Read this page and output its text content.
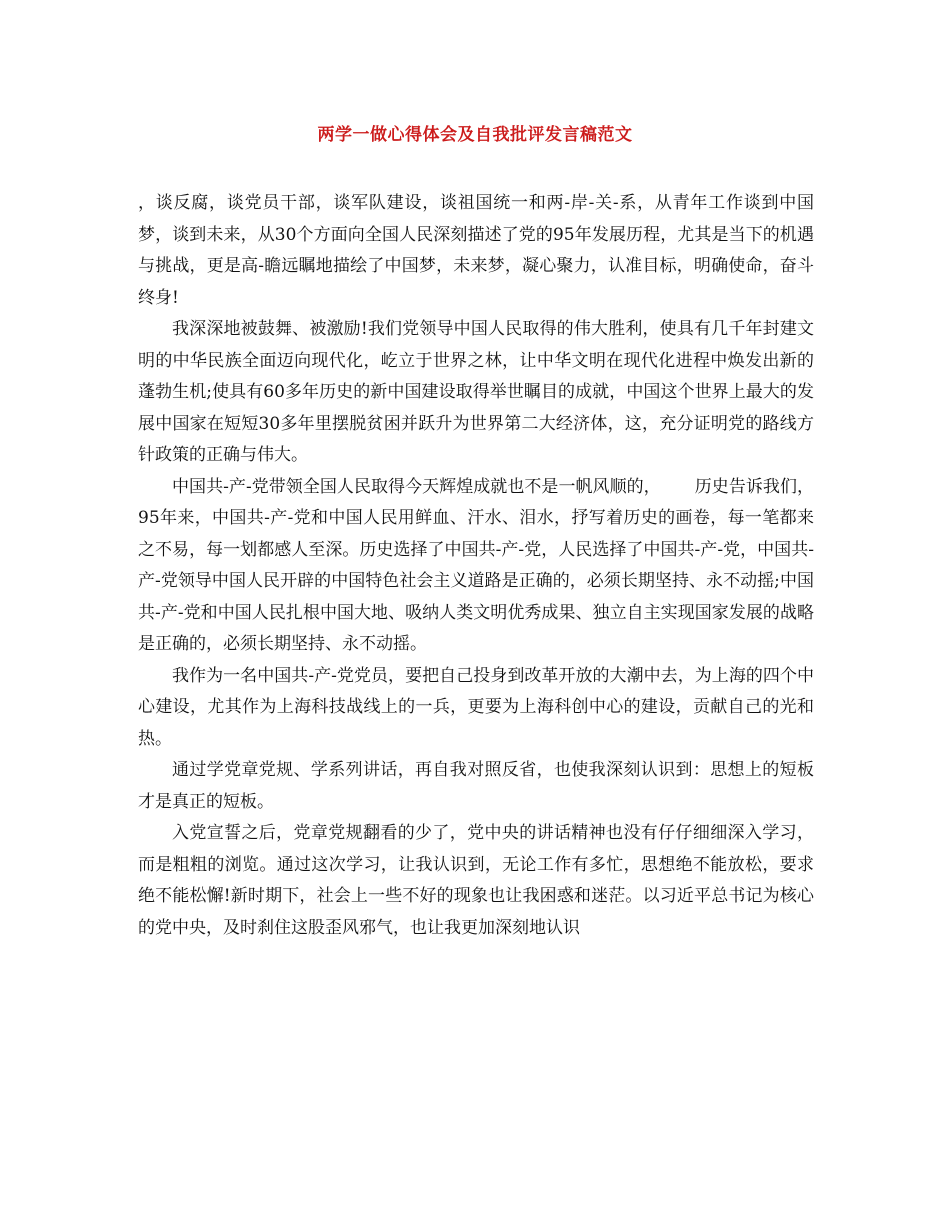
两学一做心得体会及自我批评发言稿范文

，谈反腐，谈党员干部，谈军队建设，谈祖国统一和两-岸-关-系，从青年工作谈到中国梦，谈到未来，从30个方面向全国人民深刻描述了党的95年发展历程，尤其是当下的机遇与挑战，更是高-瞻远瞩地描绘了中国梦，未来梦，凝心聚力，认准目标，明确使命，奋斗终身!

我深深地被鼓舞、被激励!我们党领导中国人民取得的伟大胜利，使具有几千年封建文明的中华民族全面迈向现代化，屹立于世界之林，让中华文明在现代化进程中焕发出新的蓬勃生机;使具有60多年历史的新中国建设取得举世瞩目的成就，中国这个世界上最大的发展中国家在短短30多年里摆脱贫困并跃升为世界第二大经济体，这，充分证明党的路线方针政策的正确与伟大。

中国共-产-党带领全国人民取得今天辉煌成就也不是一帆风顺的， 历史告诉我们，95年来，中国共-产-党和中国人民用鲜血、汗水、泪水，抒写着历史的画卷，每一笔都来之不易，每一划都感人至深。历史选择了中国共-产-党，人民选择了中国共-产-党，中国共-产-党领导中国人民开辟的中国特色社会主义道路是正确的，必须长期坚持、永不动摇;中国共-产-党和中国人民扎根中国大地、吸纳人类文明优秀成果、独立自主实现国家发展的战略是正确的，必须长期坚持、永不动摇。

我作为一名中国共-产-党党员，要把自己投身到改革开放的大潮中去，为上海的四个中心建设，尤其作为上海科技战线上的一兵，更要为上海科创中心的建设，贡献自己的光和热。

通过学党章党规、学系列讲话，再自我对照反省，也使我深刻认识到：思想上的短板才是真正的短板。

入党宣誓之后，党章党规翻看的少了，党中央的讲话精神也没有仔仔细细深入学习，而是粗粗的浏览。通过这次学习，让我认识到，无论工作有多忙，思想绝不能放松，要求绝不能松懈!新时期下，社会上一些不好的现象也让我困惑和迷茫。以习近平总书记为核心的党中央，及时刹住这股歪风邪气，也让我更加深刻地认识
